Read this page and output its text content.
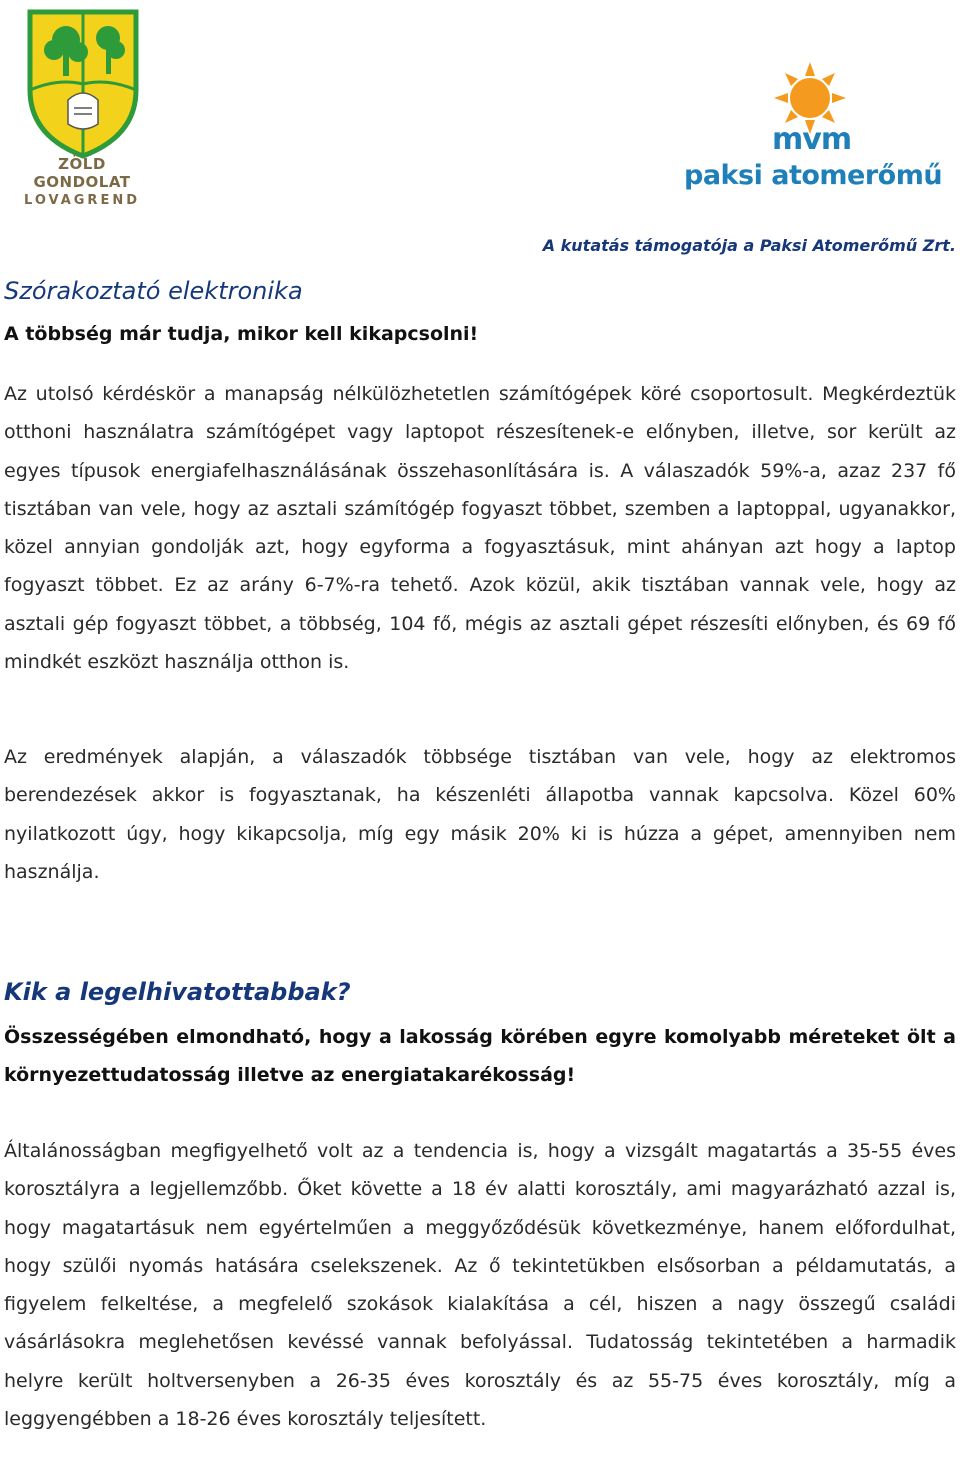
ZÖLD GONDOLAT
LOVAGREND
mvm
paksi atomerőmű
A kutatás támogatója a Paksi Atomerőmű Zrt.
Szórakoztató elektronika
A többség már tudja, mikor kell kikapcsolni!

Az utolsó kérdéskör a manapság nélkülözhetetlen számítógépek köré csoportosult. Megkérdeztük otthoni használatra számítógépet vagy laptopot részesítenek-e előnyben, illetve, sor került az egyes típusok energiafelhasználásának összehasonlítására is. A válaszadók 59%-a, azaz 237 fő tisztában van vele, hogy az asztali számítógép fogyaszt többet, szemben a laptoppal, ugyanakkor, közel annyian gondolják azt, hogy egyforma a fogyasztásuk, mint ahányan azt hogy a laptop fogyaszt többet. Ez az arány 6-7%-ra tehető. Azok közül, akik tisztában vannak vele, hogy az asztali gép fogyaszt többet, a többség, 104 fő, mégis az asztali gépet részesíti előnyben, és 69 fő mindkét eszközt használja otthon is.

Az eredmények alapján, a válaszadók többsége tisztában van vele, hogy az elektromos berendezések akkor is fogyasztanak, ha készenléti állapotba vannak kapcsolva. Közel 60% nyilatkozott úgy, hogy kikapcsolja, míg egy másik 20% ki is húzza a gépet, amennyiben nem használja.

Kik a legelhivatottabbak?

Összességében elmondható, hogy a lakosság körében egyre komolyabb méreteket ölt a környezettudatosság illetve az energiatakarékosság!

Általánosságban megfigyelhető volt az a tendencia is, hogy a vizsgált magatartás a 35-55 éves korosztályra a legjellemzőbb. Őket követte a 18 év alatti korosztály, ami magyarázható azzal is, hogy magatartásuk nem egyértelműen a meggyőződésük következménye, hanem előfordulhat, hogy szülői nyomás hatására cselekszenek. Az ő tekintetükben elsősorban a példamutatás, a figyelem felkeltése, a megfelelő szokások kialakítása a cél, hiszen a nagy összegű családi vásárlásokra meglehetősen kevéssé vannak befolyással. Tudatosság tekintetében a harmadik helyre került holtversenyben a 26-35 éves korosztály és az 55-75 éves korosztály, míg a leggyengébben a 18-26 éves korosztály teljesített.
